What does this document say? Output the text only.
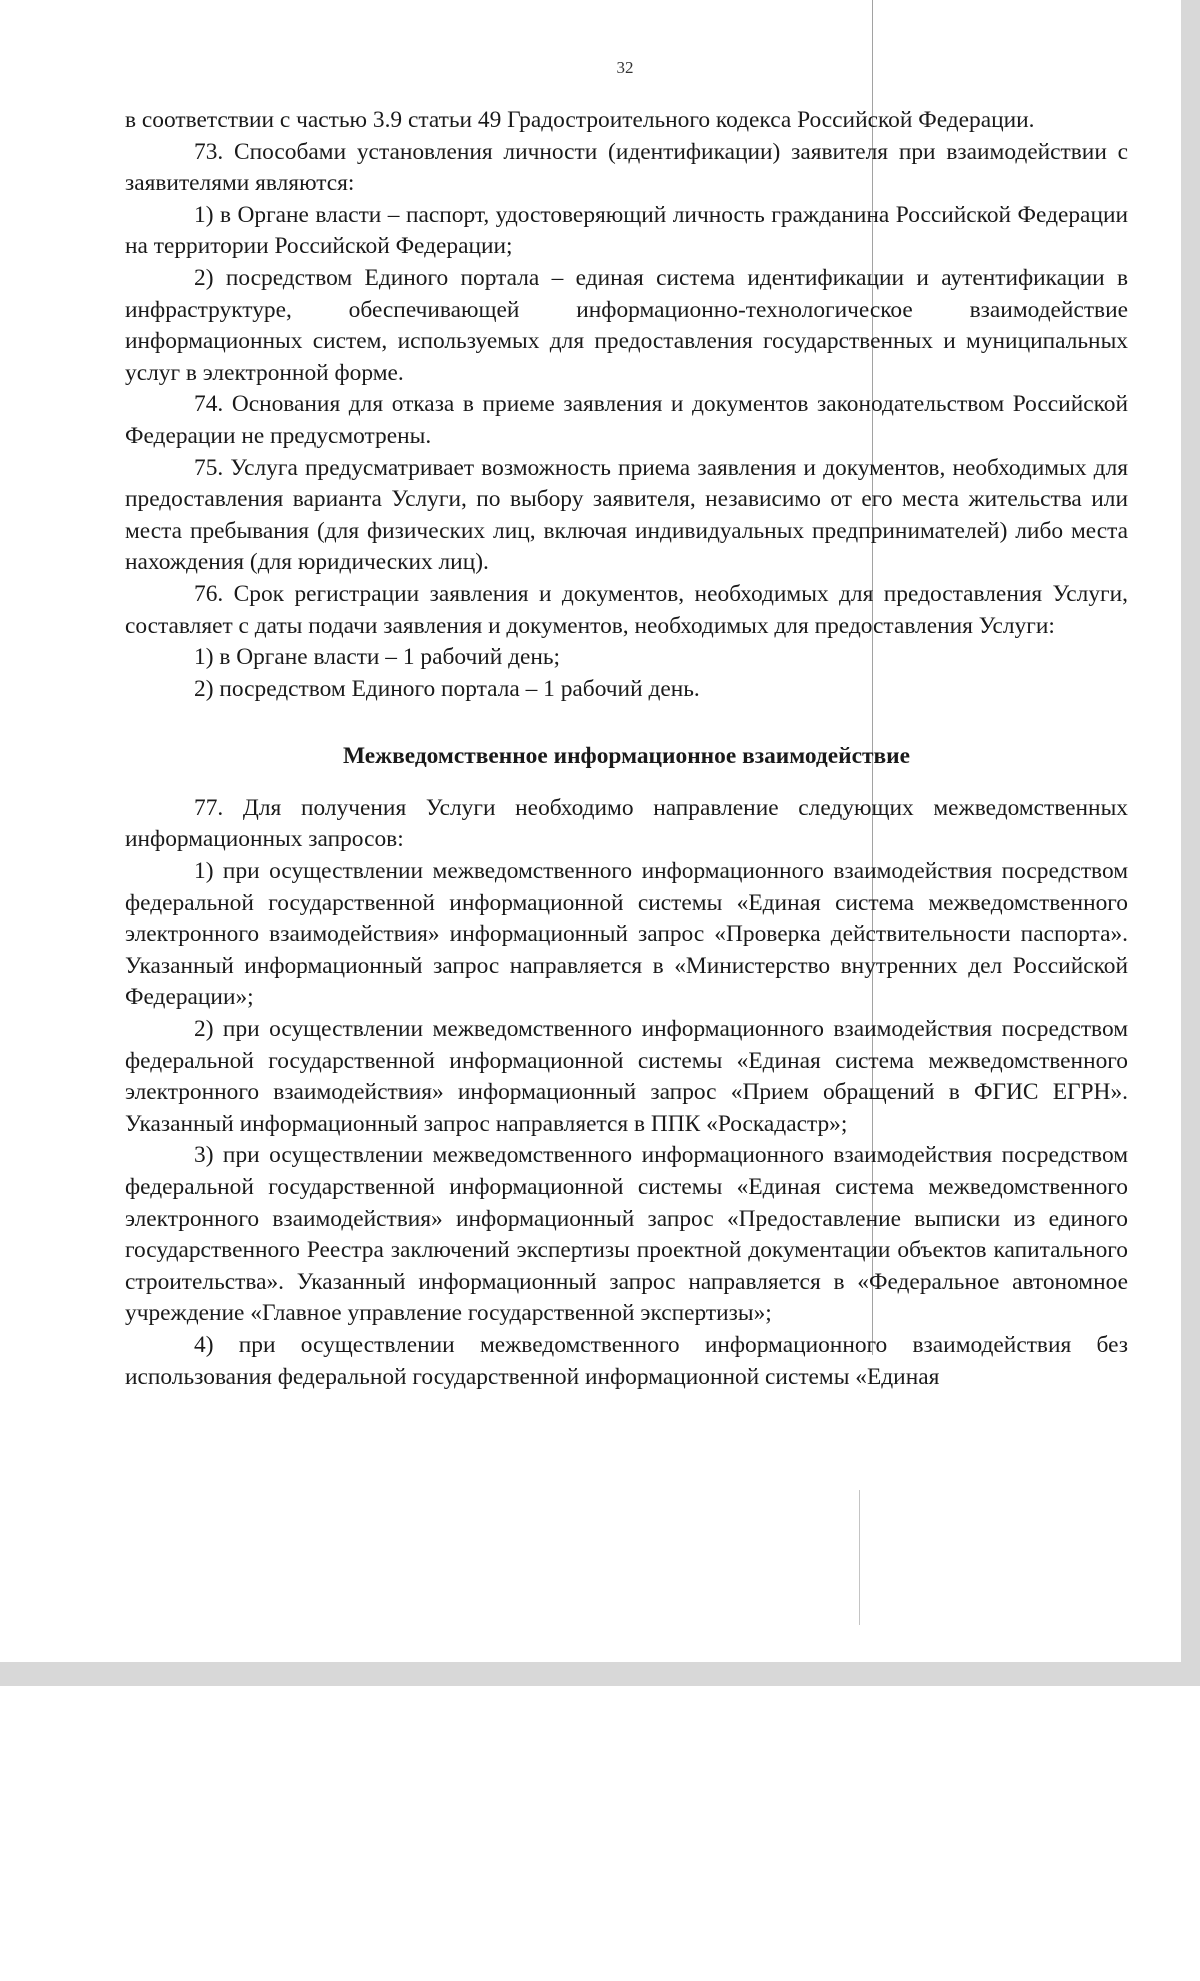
32

в соответствии с частью 3.9 статьи 49 Градостроительного кодекса Российской Федерации.

73. Способами установления личности (идентификации) заявителя при взаимодействии с заявителями являются:

1) в Органе власти – паспорт, удостоверяющий личность гражданина Российской Федерации на территории Российской Федерации;

2) посредством Единого портала – единая система идентификации и аутентификации в инфраструктуре, обеспечивающей информационно-технологическое взаимодействие информационных систем, используемых для предоставления государственных и муниципальных услуг в электронной форме.

74. Основания для отказа в приеме заявления и документов законодательством Российской Федерации не предусмотрены.

75. Услуга предусматривает возможность приема заявления и документов, необходимых для предоставления варианта Услуги, по выбору заявителя, независимо от его места жительства или места пребывания (для физических лиц, включая индивидуальных предпринимателей) либо места нахождения (для юридических лиц).

76. Срок регистрации заявления и документов, необходимых для предоставления Услуги, составляет с даты подачи заявления и документов, необходимых для предоставления Услуги:

1) в Органе власти – 1 рабочий день;

2) посредством Единого портала – 1 рабочий день.

Межведомственное информационное взаимодействие

77. Для получения Услуги необходимо направление следующих межведомственных информационных запросов:

1) при осуществлении межведомственного информационного взаимодействия посредством федеральной государственной информационной системы «Единая система межведомственного электронного взаимодействия» информационный запрос «Проверка действительности паспорта». Указанный информационный запрос направляется в «Министерство внутренних дел Российской Федерации»;

2) при осуществлении межведомственного информационного взаимодействия посредством федеральной государственной информационной системы «Единая система межведомственного электронного взаимодействия» информационный запрос «Прием обращений в ФГИС ЕГРН». Указанный информационный запрос направляется в ППК «Роскадастр»;

3) при осуществлении межведомственного информационного взаимодействия посредством федеральной государственной информационной системы «Единая система межведомственного электронного взаимодействия» информационный запрос «Предоставление выписки из единого государственного Реестра заключений экспертизы проектной документации объектов капитального строительства». Указанный информационный запрос направляется в «Федеральное автономное учреждение «Главное управление государственной экспертизы»;

4) при осуществлении межведомственного информационного взаимодействия без использования федеральной государственной информационной системы «Единая
